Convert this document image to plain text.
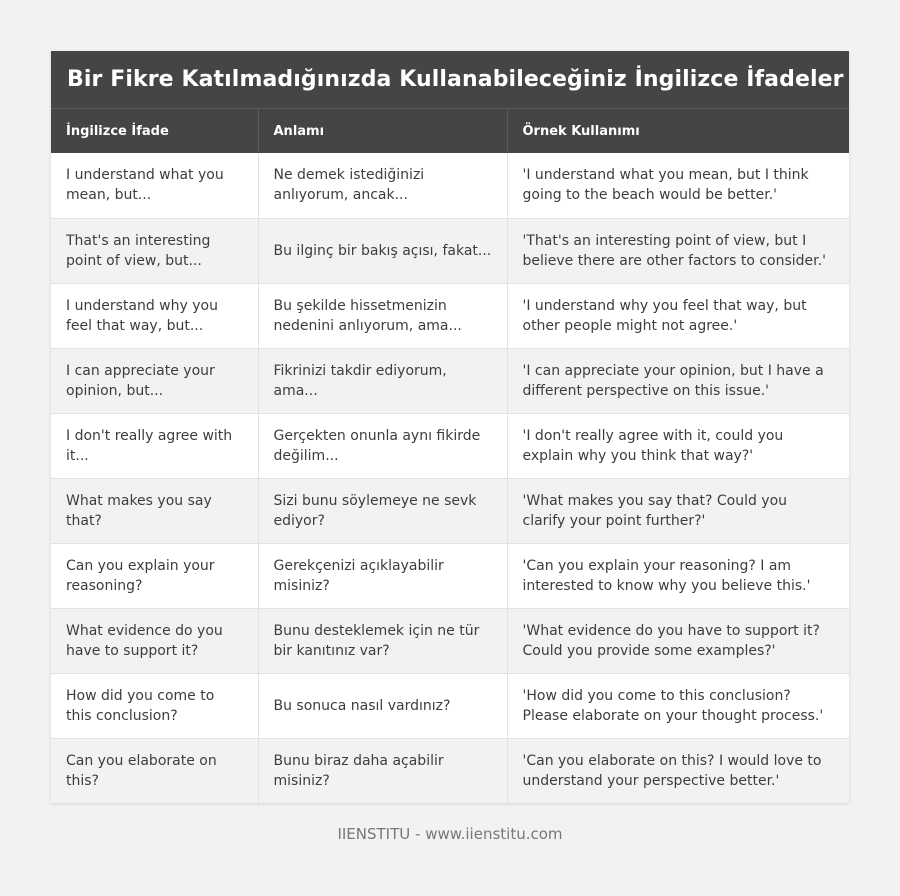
Bir Fikre Katılmadığınızda Kullanabileceğiniz İngilizce İfadeler
İngilizce İfade	Anlamı	Örnek Kullanımı
I understand what you mean, but...	Ne demek istediğinizi anlıyorum, ancak...	'I understand what you mean, but I think going to the beach would be better.'
That's an interesting point of view, but...	Bu ilginç bir bakış açısı, fakat...	'That's an interesting point of view, but I believe there are other factors to consider.'
I understand why you feel that way, but...	Bu şekilde hissetmenizin nedenini anlıyorum, ama...	'I understand why you feel that way, but other people might not agree.'
I can appreciate your opinion, but...	Fikrinizi takdir ediyorum, ama...	'I can appreciate your opinion, but I have a different perspective on this issue.'
I don't really agree with it...	Gerçekten onunla aynı fikirde değilim...	'I don't really agree with it, could you explain why you think that way?'
What makes you say that?	Sizi bunu söylemeye ne sevk ediyor?	'What makes you say that? Could you clarify your point further?'
Can you explain your reasoning?	Gerekçenizi açıklayabilir misiniz?	'Can you explain your reasoning? I am interested to know why you believe this.'
What evidence do you have to support it?	Bunu desteklemek için ne tür bir kanıtınız var?	'What evidence do you have to support it? Could you provide some examples?'
How did you come to this conclusion?	Bu sonuca nasıl vardınız?	'How did you come to this conclusion? Please elaborate on your thought process.'
Can you elaborate on this?	Bunu biraz daha açabilir misiniz?	'Can you elaborate on this? I would love to understand your perspective better.'
IIENSTITU - www.iienstitu.com
